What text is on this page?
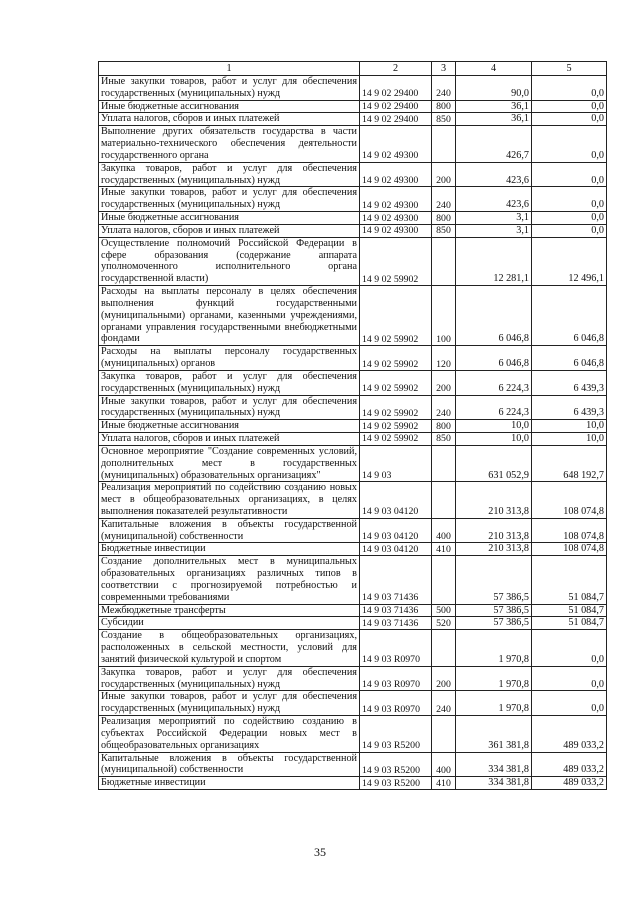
1	2	3	4	5
Иные закупки товаров, работ и услуг для обеспечения государственных (муниципальных) нужд	14 9 02 29400	240	90,0	0,0
Иные бюджетные ассигнования	14 9 02 29400	800	36,1	0,0
Уплата налогов, сборов и иных платежей	14 9 02 29400	850	36,1	0,0
Выполнение других обязательств государства в части материально-технического обеспечения деятельности государственного органа	14 9 02 49300		426,7	0,0
Закупка товаров, работ и услуг для обеспечения государственных (муниципальных) нужд	14 9 02 49300	200	423,6	0,0
Иные закупки товаров, работ и услуг для обеспечения государственных (муниципальных) нужд	14 9 02 49300	240	423,6	0,0
Иные бюджетные ассигнования	14 9 02 49300	800	3,1	0,0
Уплата налогов, сборов и иных платежей	14 9 02 49300	850	3,1	0,0
Осуществление полномочий Российской Федерации в сфере образования (содержание аппарата уполномоченного исполнительного органа государственной власти)	14 9 02 59902		12 281,1	12 496,1
Расходы на выплаты персоналу в целях обеспечения выполнения функций государственными (муниципальными) органами, казенными учреждениями, органами управления государственными внебюджетными фондами	14 9 02 59902	100	6 046,8	6 046,8
Расходы на выплаты персоналу государственных (муниципальных) органов	14 9 02 59902	120	6 046,8	6 046,8
Закупка товаров, работ и услуг для обеспечения государственных (муниципальных) нужд	14 9 02 59902	200	6 224,3	6 439,3
Иные закупки товаров, работ и услуг для обеспечения государственных (муниципальных) нужд	14 9 02 59902	240	6 224,3	6 439,3
Иные бюджетные ассигнования	14 9 02 59902	800	10,0	10,0
Уплата налогов, сборов и иных платежей	14 9 02 59902	850	10,0	10,0
Основное мероприятие "Создание современных условий, дополнительных мест в государственных (муниципальных) образовательных организациях"	14 9 03		631 052,9	648 192,7
Реализация мероприятий по содействию созданию новых мест в общеобразовательных организациях, в целях выполнения показателей результативности	14 9 03 04120		210 313,8	108 074,8
Капитальные вложения в объекты государственной (муниципальной) собственности	14 9 03 04120	400	210 313,8	108 074,8
Бюджетные инвестиции	14 9 03 04120	410	210 313,8	108 074,8
Создание дополнительных мест в муниципальных образовательных организациях различных типов в соответствии с прогнозируемой потребностью и современными требованиями	14 9 03 71436		57 386,5	51 084,7
Межбюджетные трансферты	14 9 03 71436	500	57 386,5	51 084,7
Субсидии	14 9 03 71436	520	57 386,5	51 084,7
Создание в общеобразовательных организациях, расположенных в сельской местности, условий для занятий физической культурой и спортом	14 9 03 R0970		1 970,8	0,0
Закупка товаров, работ и услуг для обеспечения государственных (муниципальных) нужд	14 9 03 R0970	200	1 970,8	0,0
Иные закупки товаров, работ и услуг для обеспечения государственных (муниципальных) нужд	14 9 03 R0970	240	1 970,8	0,0
Реализация мероприятий по содействию созданию в субъектах Российской Федерации новых мест в общеобразовательных организациях	14 9 03 R5200		361 381,8	489 033,2
Капитальные вложения в объекты государственной (муниципальной) собственности	14 9 03 R5200	400	334 381,8	489 033,2
Бюджетные инвестиции	14 9 03 R5200	410	334 381,8	489 033,2
35
